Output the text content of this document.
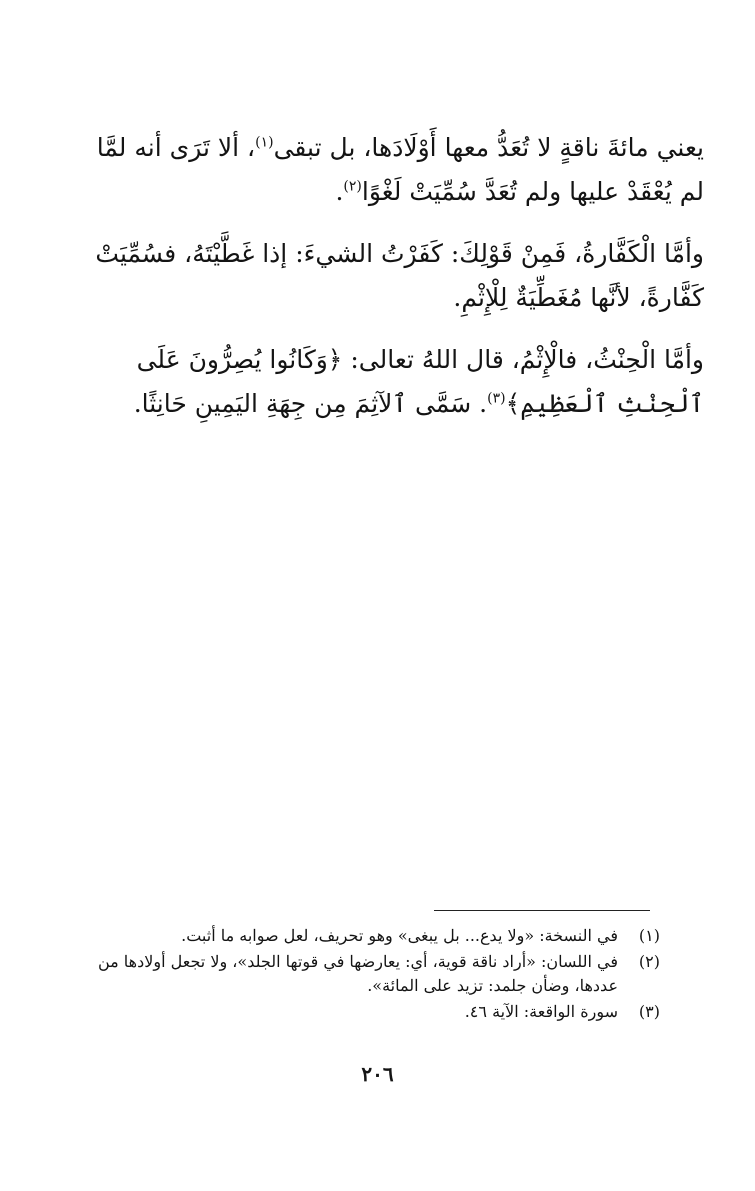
يعني مائةَ ناقةٍ لا تُعَدُّ معها أَوْلَادَها، بل تبقى$^{(١)}$، ألا تَرَى أنه لمَّا
لم يُعْقَدْ عليها ولم تُعَدَّ سُمِّيَتْ لَغْوًا$^{(٢)}$.

وأمَّا الْكَفَّارةُ، فَمِنْ قَوْلِكَ: كَفَرْتُ الشيءَ: إذا غَطَّيْتَهُ، فسُمِّيَتْ
كَفَّارةً، لأنَّها مُغَطِّيَةٌ لِلْإِثْمِ.

وأمَّا الْحِنْثُ، فالْإِثْمُ، قال اللهُ تعالى: ﴿وَكَانُوا يُصِرُّونَ عَلَى
ٱلْحِنْثِ ٱلْعَظِيمِ﴾$^{(٣)}$. سَمَّى ٱلآثِمَ مِن جِهَةِ اليَمِينِ حَانِثًا.

(١)
في النسخة: «ولا يدع... بل يبغى» وهو تحريف، لعل صوابه ما أثبت.
(٢)
في اللسان: «أراد ناقة قوية، أي: يعارضها في قوتها الجلد»، ولا تجعل أولادها من
عددها، وضأن جلمد: تزيد على المائة».
(٣)
سورة الواقعة: الآية ٤٦.
٢٠٦
